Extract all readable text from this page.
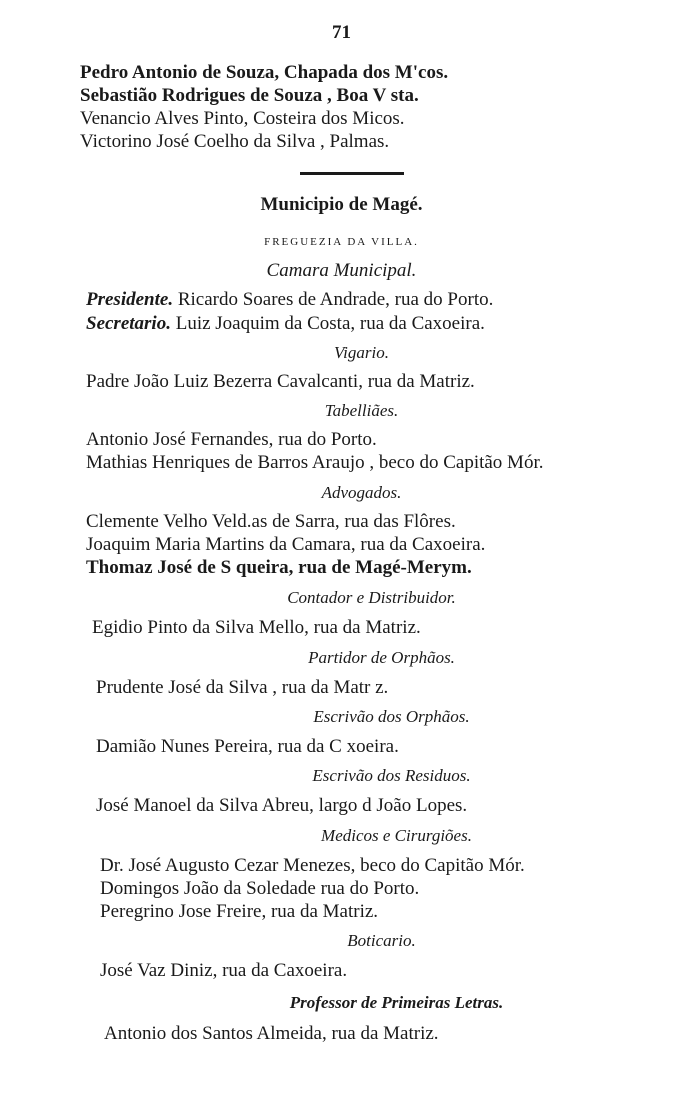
71
Pedro Antonio de Souza, Chapada dos M'cos.
Sebastião Rodrigues de Souza , Boa V sta.
Venancio Alves Pinto, Costeira dos Micos.
Victorino José Coelho da Silva , Palmas.
Municipio de Magé.
FREGUEZIA DA VILLA.
Camara Municipal.
Presidente. Ricardo Soares de Andrade, rua do Porto.
Secretario. Luiz Joaquim da Costa, rua da Caxoeira.
Vigario.
Padre João Luiz Bezerra Cavalcanti, rua da Matriz.
Tabelliães.
Antonio José Fernandes, rua do Porto.
Mathias Henriques de Barros Araujo , beco do Capitão Mór.
Advogados.
Clemente Velho Veld.as de Sarra, rua das Flôres.
Joaquim Maria Martins da Camara, rua da Caxoeira.
Thomaz José de S queira, rua de Magé-Merym.
Contador e Distribuidor.
Egidio Pinto da Silva Mello, rua da Matriz.
Partidor de Orphãos.
Prudente José da Silva , rua da Matr z.
Escrivão dos Orphãos.
Damião Nunes Pereira, rua da C xoeira.
Escrivão dos Residuos.
José Manoel da Silva Abreu, largo d João Lopes.
Medicos e Cirurgiões.
Dr. José Augusto Cezar Menezes, beco do Capitão Mór.
Domingos João da Soledade rua do Porto.
Peregrino Jose Freire, rua da Matriz.
Boticario.
José Vaz Diniz, rua da Caxoeira.
Professor de Primeiras Letras.
Antonio dos Santos Almeida, rua da Matriz.
